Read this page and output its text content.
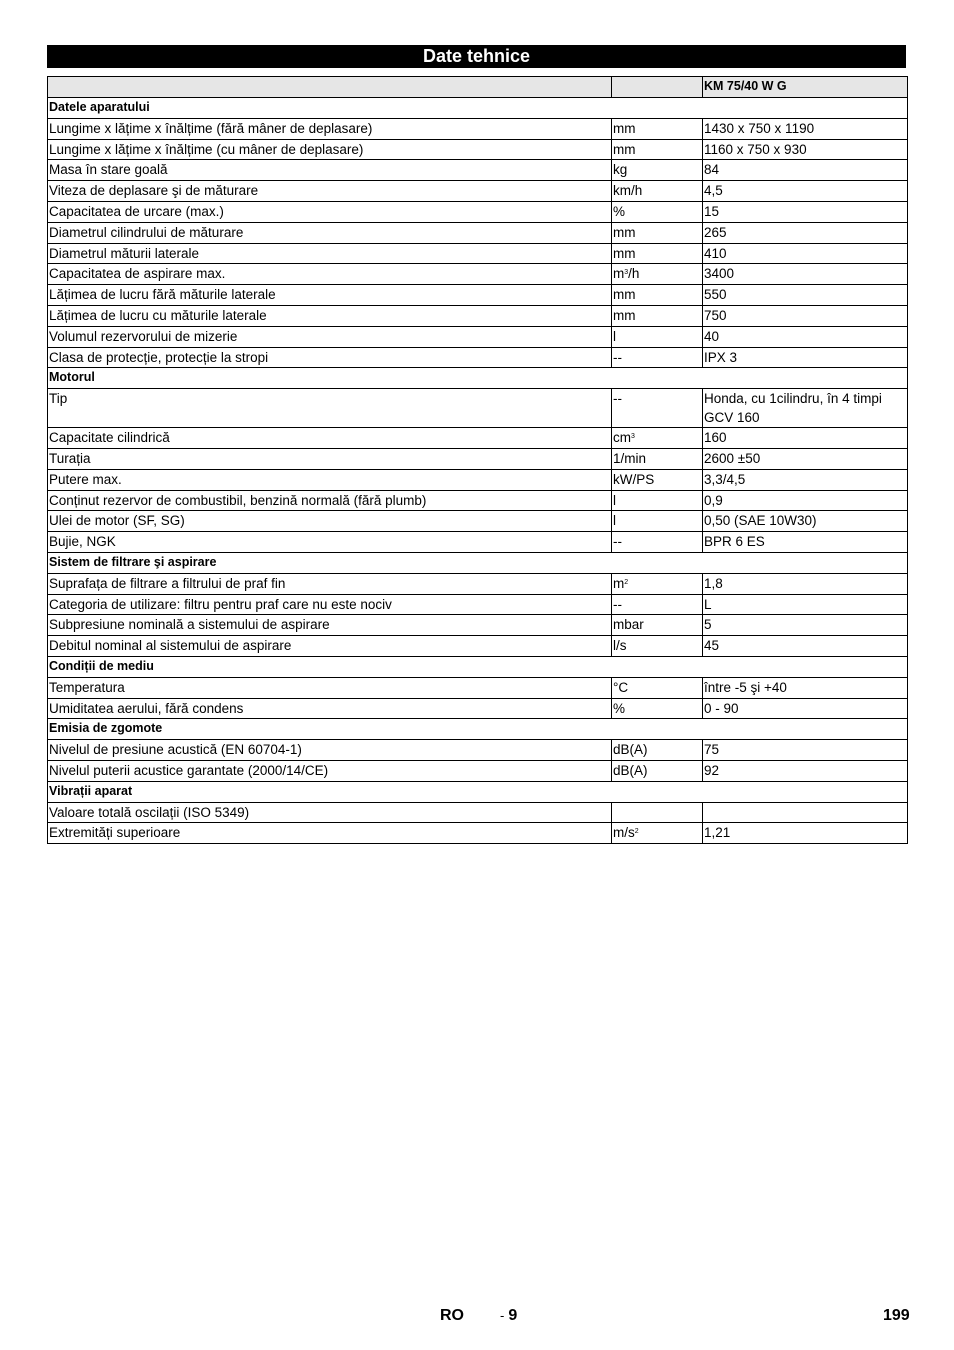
Date tehnice
		KM 75/40 W G
Datele aparatului		
Lungime x lățime x înălțime (fără mâner de deplasare)	mm	1430 x 750 x 1190
Lungime x lățime x înălțime (cu mâner de deplasare)	mm	1160 x 750 x 930
Masa în stare goală	kg	84
Viteza de deplasare şi de măturare	km/h	4,5
Capacitatea de urcare (max.)	%	15
Diametrul cilindrului de măturare	mm	265
Diametrul măturii laterale	mm	410
Capacitatea de aspirare max.	$m^3/h$	3400
Lățimea de lucru fără măturile laterale	mm	550
Lățimea de lucru cu măturile laterale	mm	750
Volumul rezervorului de mizerie	l	40
Clasa de protecție, protecție la stropi	--	IPX 3
Motorul		
Tip	--	Honda, cu 1cilindru, în 4 timpi GCV 160
Capacitate cilindrică	$cm^3$	160
Turația	1/min	2600 ±50
Putere max.	kW/PS	3,3/4,5
Conținut rezervor de combustibil, benzină normală (fără plumb)	l	0,9
Ulei de motor (SF, SG)	l	0,50 (SAE 10W30)
Bujie, NGK	--	BPR 6 ES
Sistem de filtrare şi aspirare		
Suprafața de filtrare a filtrului de praf fin	$m^2$	1,8
Categoria de utilizare: filtru pentru praf care nu este nociv	--	L
Subpresiune nominală a sistemului de aspirare	mbar	5
Debitul nominal al sistemului de aspirare	l/s	45
Condiții de mediu		
Temperatura	°C	între -5 şi +40
Umiditatea aerului, fără condens	%	0 - 90
Emisia de zgomote		
Nivelul de presiune acustică (EN 60704-1)	dB(A)	75
Nivelul puterii acustice garantate (2000/14/CE)	dB(A)	92
Vibrații aparat		
Valoare totală oscilații (ISO 5349)		
Extremități superioare	$m/s^2$	1,21
RO	- 9	199
